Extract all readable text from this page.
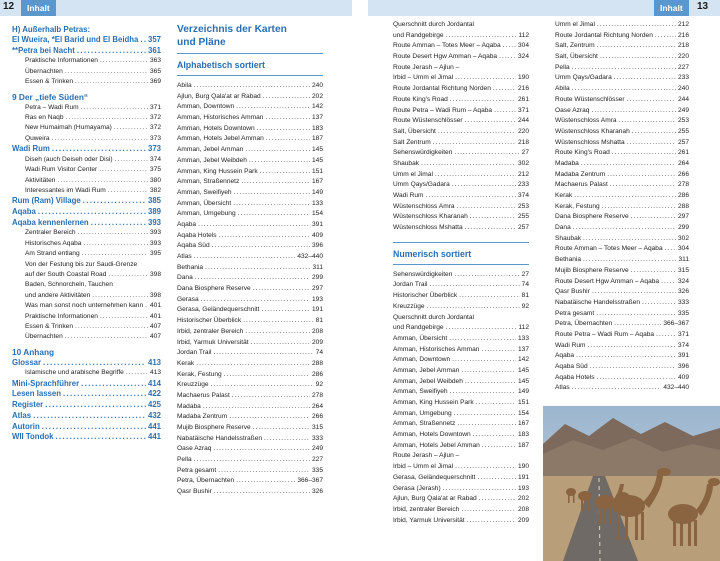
12	Inhalt	Inhalt	13
H) Außerhalb Petras:
El Wueira, *El Barid und El Beidha . . . 357
**Petra bei Nacht . . .	361
Praktische Informationen . . .	363
Übernachten . . .	365
Essen & Trinken . . .	369
9 Der „tiefe Süden“
Petra – Wadi Rum . . .	371
Ras en Naqb . . .	372
New Humaimah (Humayama) . . .	372
Quweira . . .	373
Wadi Rum . . .	373
Diseh (auch Deiseh oder Disi) . . .	374
Wadi Rum Visitor Center . . .	375
Aktivitäten . . .	380
Interessantes im Wadi Rum . . .	382
Rum (Ram) Village . . .	385
Aqaba . . .	389
Aqaba kennenlernen . . .	393
Zentraler Bereich . . .	393
Historisches Aqaba . . .	393
Am Strand entlang . . .	395
Von der Festung bis zur Saudi-Grenze
auf der South Coastal Road . . .	398
Baden, Schnorcheln, Tauchen
und andere Aktivitäten . . .	398
Was man sonst noch unternehmen kann . . . 401
Praktische Informationen . . .	401
Essen & Trinken . . .	407
Übernachten . . .	407
10 Anhang
Glossar . . .	413
Islamische und arabische Begriffe . . .	413
Mini-Sprachführer . . .	414
Lesen lassen . . .	422
Register . . .	425
Atlas . . .	432
Autorin . . .	441
WII Tondok . . .	441
Verzeichnis der Karten
und Pläne
Alphabetisch sortiert
Abila . . .	240
Ajlun, Burg Qala'at ar Rabad . . .	202
Amman, Downtown . . .	142
Amman, Historisches Amman . . .	137
Amman, Hotels Downtown . . .	183
Amman, Hotels Jebel Amman . . .	187
Amman, Jebel Amman . . .	145
Amman, Jebel Weibdeh . . .	145
Amman, King Hussein Park . . .	151
Amman, Straßennetz . . .	167
Amman, Sweifiyeh . . .	149
Amman, Übersicht . . .	133
Amman, Umgebung . . .	154
Aqaba . . .	391
Aqaba Hotels . . .	409
Aqaba Süd . . .	396
Atlas . . .	432–440
Bethania . . .	311
Dana . . .	299
Dana Biosphere Reserve . . .	297
Gerasa . . .	193
Gerasa, Geländequerschnitt . . .	191
Historischer Überblick . . .	81
Irbid, zentraler Bereich . . .	208
Irbid, Yarmuk Universität . . .	209
Jordan Trail . . .	74
Kerak . . .	288
Kerak, Festung . . .	286
Kreuzzüge . . .	92
Machaerus Palast . . .	278
Madaba . . .	264
Madaba Zentrum . . .	266
Mujib Biosphere Reserve . . .	315
Nabatäische Handelsstraßen . . .	333
Oase Azraq . . .	249
Pella . . .	227
Petra gesamt . . .	335
Petra, Übernachten . . .	366–367
Qasr Bushir . . .	326
Querschnitt durch Jordantal
und Randgebirge . . .	112
Route Amman – Totes Meer – Aqaba . . .	304
Route Desert Hgw Amman – Aqaba . . .	324
Route Jerash – Ajlun –
Irbid – Umm el Jimal . . .	190
Route Jordantal Richtung Norden . . .	216
Route King's Road . . .	261
Route Petra – Wadi Rum – Aqaba . . .	371
Route Wüstenschlösser . . .	244
Salt, Übersicht . . .	220
Salt Zentrum . . .	218
Sehenswürdigkeiten . . .	27
Shaubak . . .	302
Umm el Jimal . . .	212
Umm Qays/Gadara . . .	233
Wadi Rum . . .	374
Wüstenschloss Amra . . .	253
Wüstenschloss Kharanah . . .	255
Wüstenschloss Mshatta . . .	257
Numerisch sortiert
Sehenswürdigkeiten . . .	27
Jordan Trail . . .	74
Historischer Überblick . . .	81
Kreuzzüge . . .	92
Querschnitt durch Jordantal
und Randgebirge . . .	112
Amman, Übersicht . . .	133
Amman, Historisches Amman . . .	137
Amman, Downtown . . .	142
Amman, Jebel Amman . . .	145
Amman, Jebel Weibdeh . . .	145
Amman, Sweifiyeh . . .	149
Amman, King Hussein Park . . .	151
Amman, Umgebung . . .	154
Amman, Straßennetz . . .	167
Amman, Hotels Downtown . . .	183
Amman, Hotels Jebel Amman . . .	187
Route Jerash – Ajlun –
Irbid – Umm el Jimal . . .	190
Gerasa, Geländequerschnitt . . .	191
Gerasa (Jerash) . . .	193
Ajlun, Burg Qala'at ar Rabad . . .	202
Irbid, zentraler Bereich . . .	208
Irbid, Yarmuk Universität . . .	209
Umm el Jimal . . .	212
Route Jordantal Richtung Norden . . .	216
Salt, Zentrum . . .	218
Salt, Übersicht . . .	220
Pella . . .	227
Umm Qays/Gadara . . .	233
Abila . . .	240
Route Wüstenschlösser . . .	244
Oase Azraq . . .	249
Wüstenschloss Amra . . .	253
Wüstenschloss Kharanah . . .	255
Wüstenschloss Mshatta . . .	257
Route King's Road . . .	261
Madaba . . .	264
Madaba Zentrum . . .	266
Machaerus Palast . . .	278
Kerak . . .	286
Kerak, Festung . . .	288
Dana Biosphere Reserve . . .	297
Dana . . .	299
Shaubak . . .	302
Route Amman – Totes Meer – Aqaba . . . 304
Bethania . . .	311
Mujib Biosphere Reserve . . .	315
Route Desert Hgw Amman – Aqaba . . .	324
Qasr Bushir . . .	326
Nabatäische Handelsstraßen . . .	333
Petra gesamt . . .	335
Petra, Übernachten . . .	366–367
Route Petra – Wadi Rum – Aqaba . . .	371
Wadi Rum . . .	374
Aqaba . . .	391
Aqaba Süd . . .	396
Aqaba Hotels . . .	409
Atlas . . .	432–440
